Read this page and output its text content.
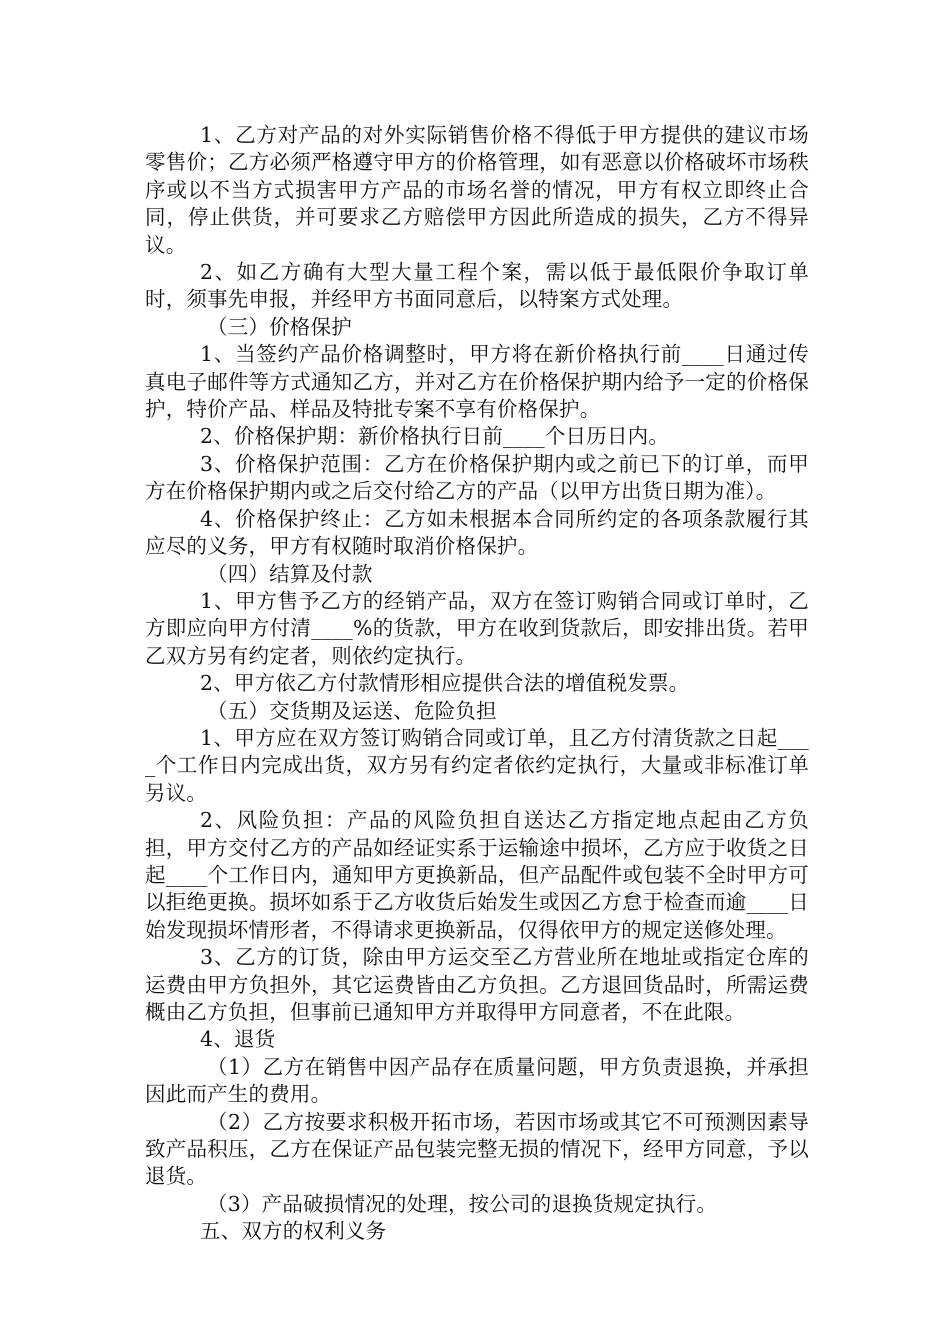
1、乙方对产品的对外实际销售价格不得低于甲方提供的建议市场零售价；乙方必须严格遵守甲方的价格管理，如有恶意以价格破坏市场秩序或以不当方式损害甲方产品的市场名誉的情况，甲方有权立即终止合同，停止供货，并可要求乙方赔偿甲方因此所造成的损失，乙方不得异议。

2、如乙方确有大型大量工程个案，需以低于最低限价争取订单时，须事先申报，并经甲方书面同意后，以特案方式处理。

（三）价格保护

1、当签约产品价格调整时，甲方将在新价格执行前____日通过传真电子邮件等方式通知乙方，并对乙方在价格保护期内给予一定的价格保护，特价产品、样品及特批专案不享有价格保护。

2、价格保护期：新价格执行日前____个日历日内。

3、价格保护范围：乙方在价格保护期内或之前已下的订单，而甲方在价格保护期内或之后交付给乙方的产品（以甲方出货日期为准）。

4、价格保护终止：乙方如未根据本合同所约定的各项条款履行其应尽的义务，甲方有权随时取消价格保护。

（四）结算及付款

1、甲方售予乙方的经销产品，双方在签订购销合同或订单时，乙方即应向甲方付清____%的货款，甲方在收到货款后，即安排出货。若甲乙双方另有约定者，则依约定执行。

2、甲方依乙方付款情形相应提供合法的增值税发票。

（五）交货期及运送、危险负担

1、甲方应在双方签订购销合同或订单，且乙方付清货款之日起____个工作日内完成出货，双方另有约定者依约定执行，大量或非标准订单另议。

2、风险负担：产品的风险负担自送达乙方指定地点起由乙方负担，甲方交付乙方的产品如经证实系于运输途中损坏，乙方应于收货之日起____个工作日内，通知甲方更换新品，但产品配件或包装不全时甲方可以拒绝更换。损坏如系于乙方收货后始发生或因乙方怠于检查而逾____日始发现损坏情形者，不得请求更换新品，仅得依甲方的规定送修处理。

3、乙方的订货，除由甲方运交至乙方营业所在地址或指定仓库的运费由甲方负担外，其它运费皆由乙方负担。乙方退回货品时，所需运费概由乙方负担，但事前已通知甲方并取得甲方同意者，不在此限。

4、退货

（1）乙方在销售中因产品存在质量问题，甲方负责退换，并承担因此而产生的费用。

（2）乙方按要求积极开拓市场，若因市场或其它不可预测因素导致产品积压，乙方在保证产品包装完整无损的情况下，经甲方同意，予以退货。

（3）产品破损情况的处理，按公司的退换货规定执行。

五、双方的权利义务
